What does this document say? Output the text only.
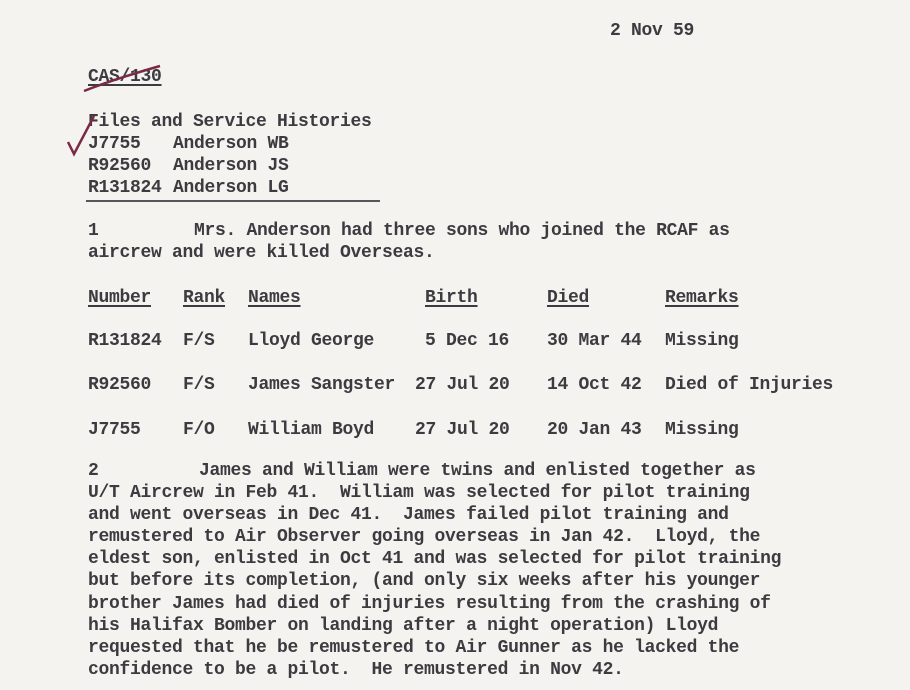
2 Nov 59
CAS/130
Files and Service Histories
J7755 Anderson WB
R92560 Anderson JS
R131824 Anderson LG
1	Mrs. Anderson had three sons who joined the RCAF as
aircrew and were killed Overseas.
Number Rank Names	Birth	Died	Remarks
R131824 F/S Lloyd George	5 Dec 16 30 Mar 44 Missing
R92560 F/S James Sangster 27 Jul 20 14 Oct 42 Died of Injuries
J7755 F/O William Boyd 27 Jul 20 20 Jan 43 Missing
2	James and William were twins and enlisted together as
U/T Aircrew in Feb 41.  William was selected for pilot training
and went overseas in Dec 41.  James failed pilot training and
remustered to Air Observer going overseas in Jan 42.  Lloyd, the
eldest son, enlisted in Oct 41 and was selected for pilot training
but before its completion, (and only six weeks after his younger
brother James had died of injuries resulting from the crashing of
his Halifax Bomber on landing after a night operation) Lloyd
requested that he be remustered to Air Gunner as he lacked the
confidence to be a pilot.  He remustered in Nov 42.
